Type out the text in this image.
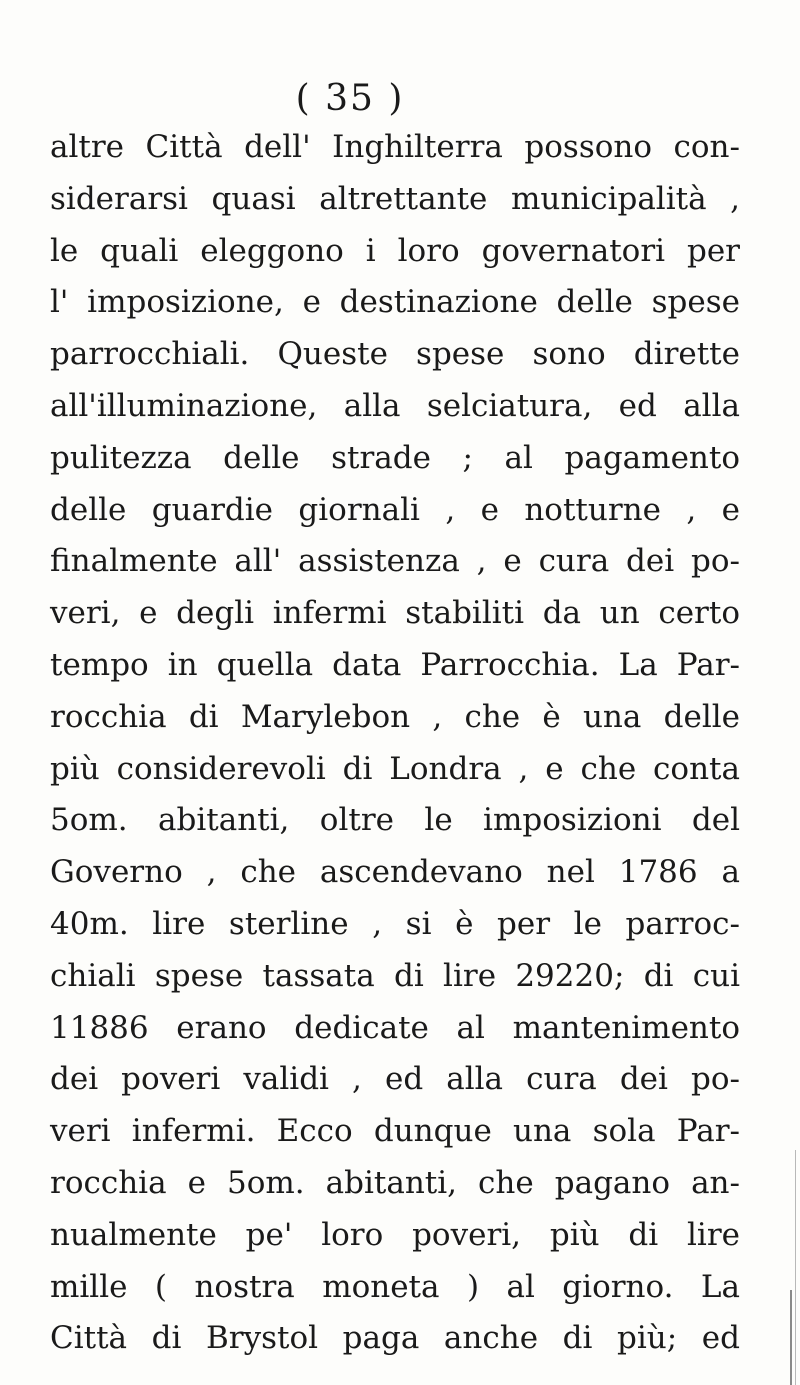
( 35 )
altre Città dell' Inghilterra possono con-
siderarsi quasi altrettante municipalità ,
le quali eleggono i loro governatori per
l' imposizione, e destinazione delle spese
parrocchiali. Queste spese sono dirette
all'illuminazione, alla selciatura, ed alla
pulitezza delle strade ; al pagamento
delle guardie giornali , e notturne , e
finalmente all' assistenza , e cura dei po-
veri, e degli infermi stabiliti da un certo
tempo in quella data Parrocchia. La Par-
rocchia di Marylebon , che è una delle
più considerevoli di Londra , e che conta
5om. abitanti, oltre le imposizioni del
Governo , che ascendevano nel 1786 a
40m. lire sterline , si è per le parroc-
chiali spese tassata di lire 29220; di cui
11886 erano dedicate al mantenimento
dei poveri validi , ed alla cura dei po-
veri infermi. Ecco dunque una sola Par-
rocchia e 5om. abitanti, che pagano an-
nualmente pe' loro poveri, più di lire
mille ( nostra moneta ) al giorno. La
Città di Brystol paga anche di più; ed
